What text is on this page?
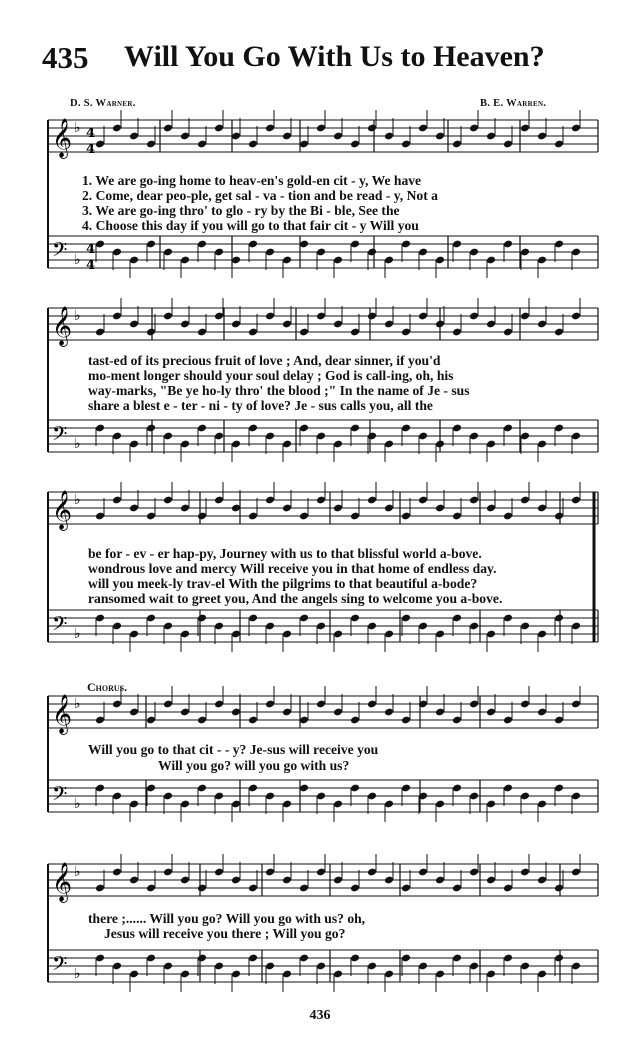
435 Will You Go With Us to Heaven?
D. S. Warner.	B. E. Warren.
Chorus.
𝄞
𝄢
♭
♭
4
4
4
4
𝄞
𝄢
♭
♭
𝄞
𝄢
♭
♭
𝄞
𝄢
♭
♭
𝄞
𝄢
♭
♭
1. We are go-ing home to heav-en's gold-en cit - y, We have
2. Come, dear peo-ple, get sal - va - tion and be read - y, Not a
3. We are go-ing thro' to glo - ry by the Bi - ble, See the
4. Choose this day if you will go to that fair cit - y Will you
tast-ed of its precious fruit of love ; And, dear sinner, if you'd
mo-ment longer should your soul delay ; God is call-ing, oh, his
way-marks, "Be ye ho-ly thro' the blood ;" In the name of Je - sus
share a blest e - ter - ni - ty of love? Je - sus calls you, all the
be for - ev - er hap-py, Journey with us to that blissful world a-bove.
wondrous love and mercy Will receive you in that home of endless day.
will you meek-ly trav-el With the pilgrims to that beautiful a-bode?
ransomed wait to greet you, And the angels sing to welcome you a-bove.
Will you go to that cit - - y? Je-sus will receive you
Will you go? will you go with us?
there ;...... Will you go? Will you go with us? oh,
Jesus will receive you there ; Will you go?
436
